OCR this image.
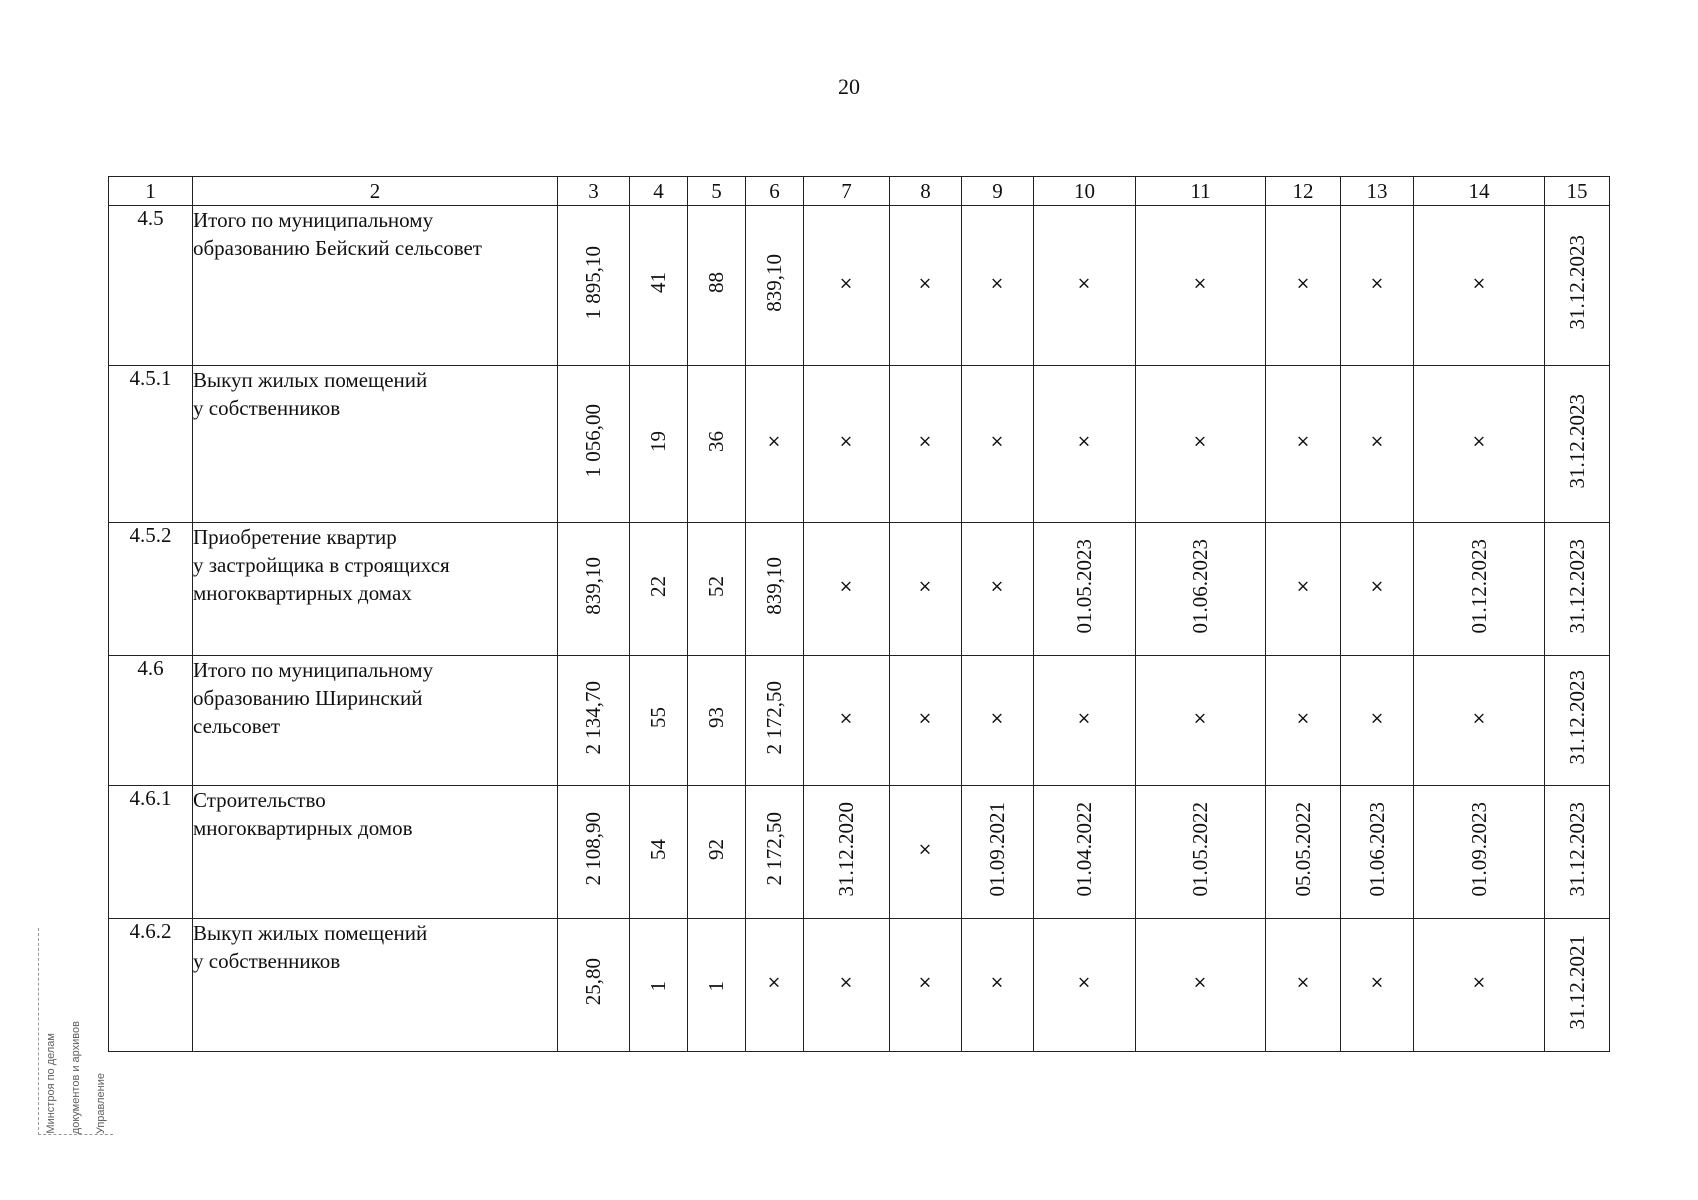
20
1	2	3	4	5	6	7	8	9	10	11	12	13	14	15
4.5	Итого по муниципальному
образованию Бейский сельсовет	1 895,10	41	88	839,10	×	×	×	×	×	×	×	×	31.12.2023
4.5.1	Выкуп жилых помещений
у собственников	1 056,00	19	36	×	×	×	×	×	×	×	×	×	31.12.2023
4.5.2	Приобретение квартир
у застройщика в строящихся
многоквартирных домах	839,10	22	52	839,10	×	×	×	01.05.2023	01.06.2023	×	×	01.12.2023	31.12.2023
4.6	Итого по муниципальному
образованию Ширинский
сельсовет	2 134,70	55	93	2 172,50	×	×	×	×	×	×	×	×	31.12.2023
4.6.1	Строительство
многоквартирных домов	2 108,90	54	92	2 172,50	31.12.2020	×	01.09.2021	01.04.2022	01.05.2022	05.05.2022	01.06.2023	01.09.2023	31.12.2023
4.6.2	Выкуп жилых помещений
у собственников	25,80	1	1	×	×	×	×	×	×	×	×	×	31.12.2021
Минстроя по делам документов и архивов Управление
